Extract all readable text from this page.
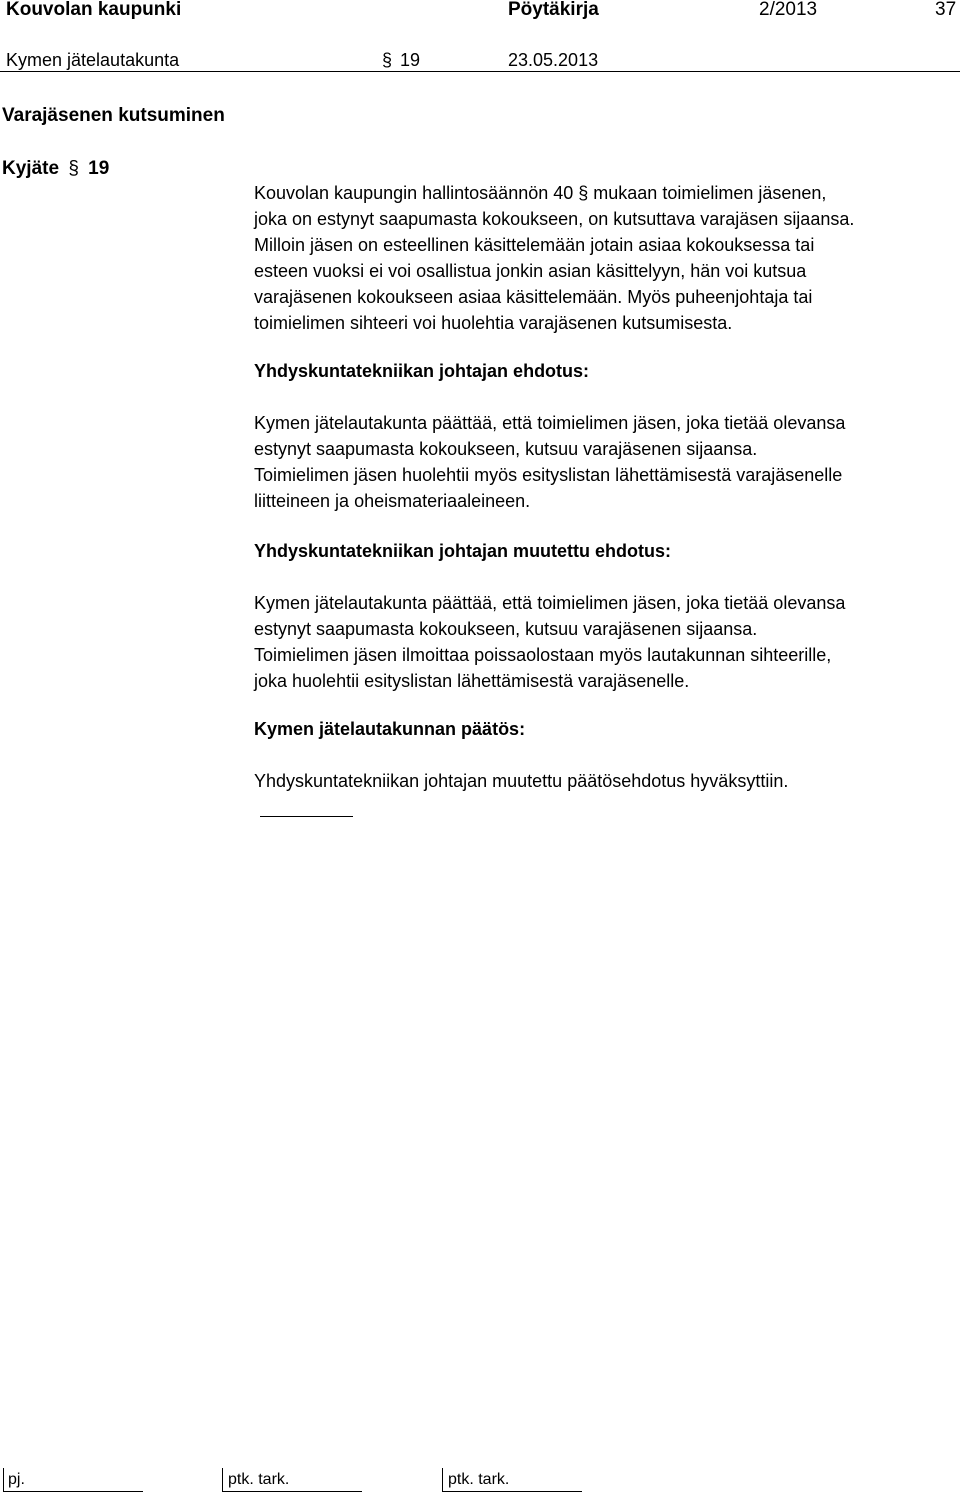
Kouvolan kaupunki	Pöytäkirja	2/2013	37
Kymen jätelautakunta	§ 19	23.05.2013
Varajäsenen kutsuminen
Kyjäte § 19

Kouvolan kaupungin hallintosäännön 40 § mukaan toimielimen jäsenen,

joka on estynyt saapumasta kokoukseen, on kutsuttava varajäsen sijaansa.

Milloin jäsen on esteellinen käsittelemään jotain asiaa kokouksessa tai

esteen vuoksi ei voi osallistua jonkin asian käsittelyyn, hän voi kutsua

varajäsenen kokoukseen asiaa käsittelemään. Myös puheenjohtaja tai

toimielimen sihteeri voi huolehtia varajäsenen kutsumisesta.

Yhdyskuntatekniikan johtajan ehdotus:

Kymen jätelautakunta päättää, että toimielimen jäsen, joka tietää olevansa

estynyt saapumasta kokoukseen, kutsuu varajäsenen sijaansa.

Toimielimen jäsen huolehtii myös esityslistan lähettämisestä varajäsenelle

liitteineen ja oheismateriaaleineen.

Yhdyskuntatekniikan johtajan muutettu ehdotus:

Kymen jätelautakunta päättää, että toimielimen jäsen, joka tietää olevansa

estynyt saapumasta kokoukseen, kutsuu varajäsenen sijaansa.

Toimielimen jäsen ilmoittaa poissaolostaan myös lautakunnan sihteerille,

joka huolehtii esityslistan lähettämisestä varajäsenelle.

Kymen jätelautakunnan päätös:

Yhdyskuntatekniikan johtajan muutettu päätösehdotus hyväksyttiin.

pj.	ptk. tark.	ptk. tark.
